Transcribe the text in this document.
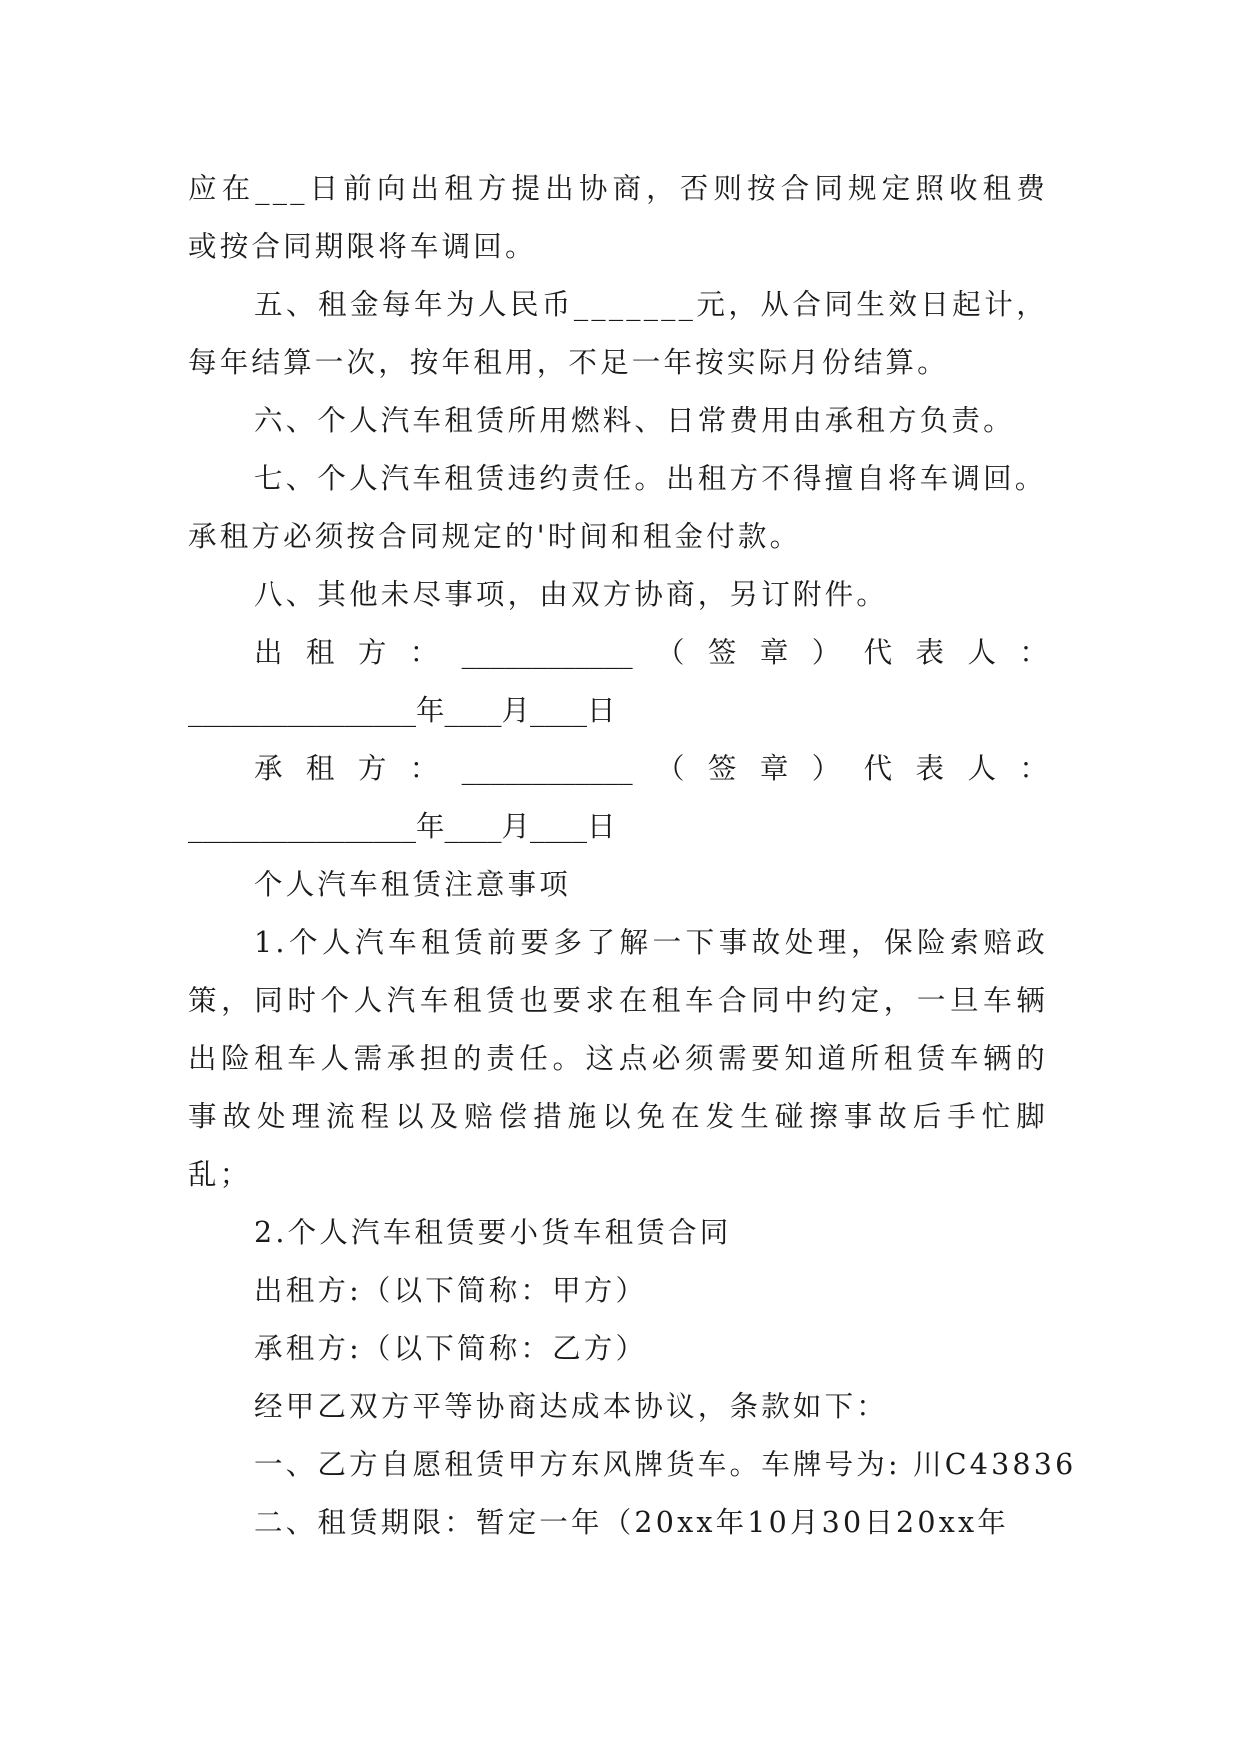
应在___日前向出租方提出协商，否则按合同规定照收租费
或按合同期限将车调回。
五、租金每年为人民币_______元，从合同生效日起计，
每年结算一次，按年租用，不足一年按实际月份结算。
六、个人汽车租赁所用燃料、日常费用由承租方负责。
七、个人汽车租赁违约责任。出租方不得擅自将车调回。
承租方必须按合同规定的'时间和租金付款。
八、其他未尽事项，由双方协商，另订附件。
出 租 方 ： ____________ （ 签 章 ） 代 表 人 ：
________________年____月____日
承 租 方 ： ____________ （ 签 章 ） 代 表 人 ：
________________年____月____日
个人汽车租赁注意事项
1.个人汽车租赁前要多了解一下事故处理，保险索赔政
策，同时个人汽车租赁也要求在租车合同中约定，一旦车辆
出险租车人需承担的责任。这点必须需要知道所租赁车辆的
事故处理流程以及赔偿措施以免在发生碰擦事故后手忙脚
乱；
2.个人汽车租赁要小货车租赁合同
出租方:（以下简称：甲方）
承租方:（以下简称：乙方）
经甲乙双方平等协商达成本协议，条款如下：
一、乙方自愿租赁甲方东风牌货车。车牌号为: 川C43836
二、租赁期限：暂定一年（20xx年10月30日20xx年
